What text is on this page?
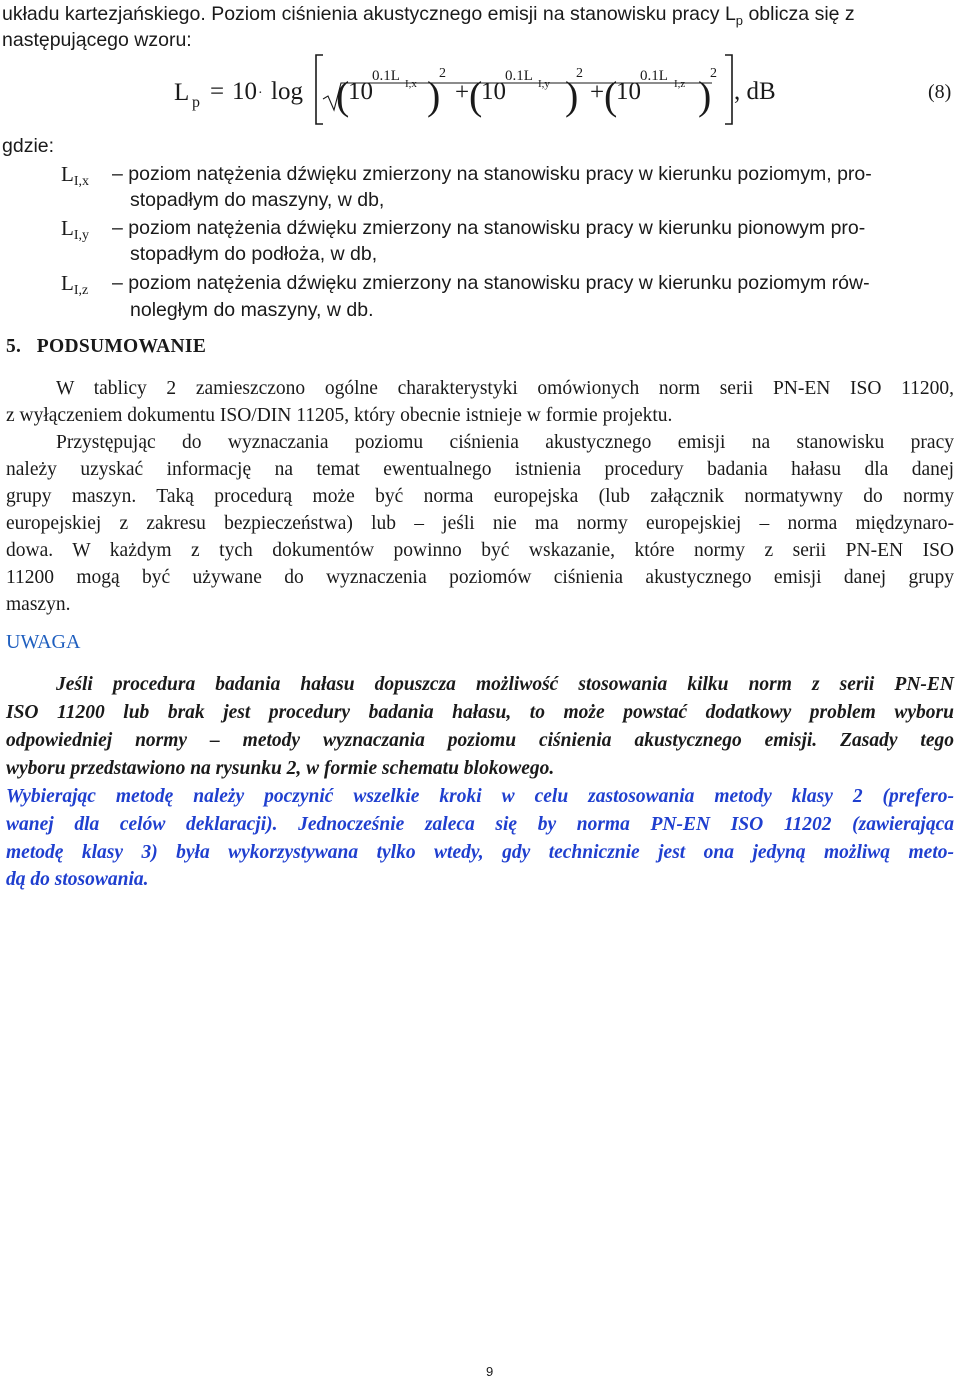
układu kartezjańskiego. Poziom ciśnienia akustycznego emisji na stanowisku pracy $L_p$ oblicza się z
następującego wzoru:
L p = 10 · log (
10
0.1L I,x )
2
+ (
10
0.1L I,y )
2
+ (
10
0.1L I,z )
2
, dB	(8)
gdzie:
$L_{I,x}$ – poziom natężenia dźwięku zmierzony na stanowisku pracy w kierunku poziomym, pro-
stopadłym do maszyny, w db,
$L_{I,y}$ – poziom natężenia dźwięku zmierzony na stanowisku pracy w kierunku pionowym pro-
stopadłym do podłoża, w db,
$L_{I,z}$ – poziom natężenia dźwięku zmierzony na stanowisku pracy w kierunku poziomym rów-
noległym do maszyny, w db.
5. PODSUMOWANIE
W tablicy 2 zamieszczono ogólne charakterystyki omówionych norm serii PN-EN ISO 11200,
z wyłączeniem dokumentu ISO/DIN 11205, który obecnie istnieje w formie projektu.
Przystępując do wyznaczania poziomu ciśnienia akustycznego emisji na stanowisku pracy
należy uzyskać informację na temat ewentualnego istnienia procedury badania hałasu dla danej
grupy maszyn. Taką procedurą może być norma europejska (lub załącznik normatywny do normy
europejskiej z zakresu bezpieczeństwa) lub – jeśli nie ma normy europejskiej – norma międzynaro-
dowa. W każdym z tych dokumentów powinno być wskazanie, które normy z serii PN-EN ISO
11200 mogą być używane do wyznaczenia poziomów ciśnienia akustycznego emisji danej grupy
maszyn.
UWAGA
Jeśli procedura badania hałasu dopuszcza możliwość stosowania kilku norm z serii PN-EN
ISO 11200 lub brak jest procedury badania hałasu, to może powstać dodatkowy problem wyboru
odpowiedniej normy – metody wyznaczania poziomu ciśnienia akustycznego emisji. Zasady tego
wyboru przedstawiono na rysunku 2, w formie schematu blokowego.
Wybierając metodę należy poczynić wszelkie kroki w celu zastosowania metody klasy 2 (prefero-
wanej dla celów deklaracji). Jednocześnie zaleca się by norma PN-EN ISO 11202 (zawierająca
metodę klasy 3) była wykorzystywana tylko wtedy, gdy technicznie jest ona jedyną możliwą meto-
dą do stosowania.
9
